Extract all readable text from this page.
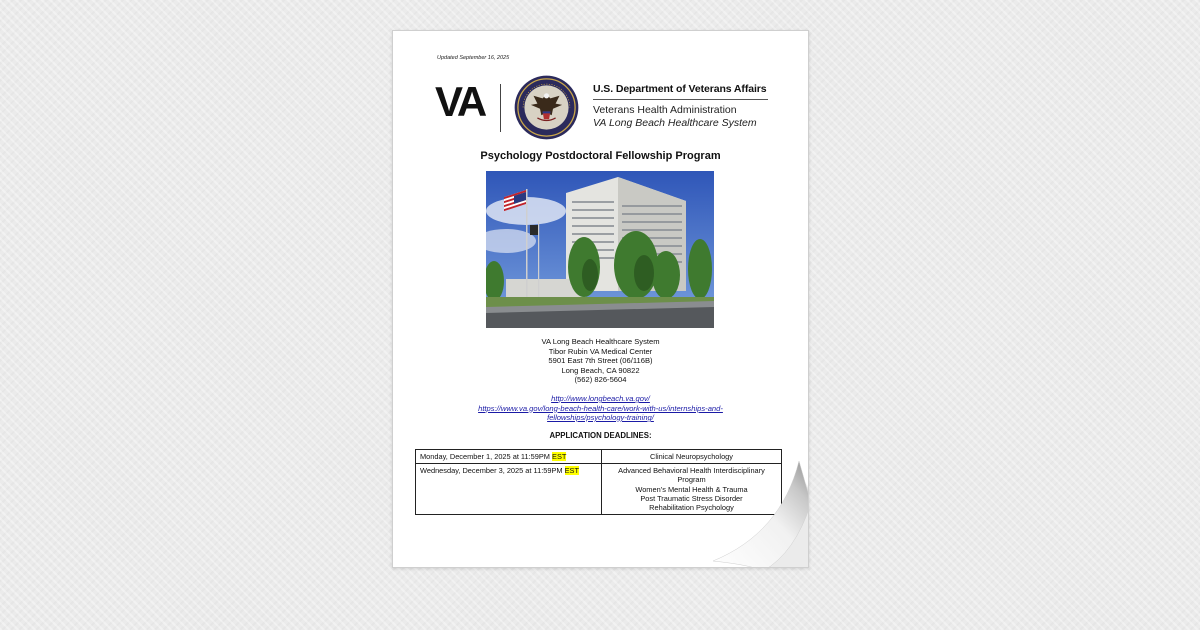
Updated September 16, 2025
VA	U.S. Department of Veterans Affairs
Veterans Health Administration
VA Long Beach Healthcare System
Psychology Postdoctoral Fellowship Program
VA Long Beach Healthcare System
Tibor Rubin VA Medical Center
5901 East 7th Street (06/116B)
Long Beach, CA 90822
(562) 826-5604
http://www.longbeach.va.gov/
https://www.va.gov/long-beach-health-care/work-with-us/internships-and-
fellowships/psychology-training/
APPLICATION DEADLINES:
Monday, December 1, 2025 at 11:59PM EST	Clinical Neuropsychology

Wednesday, December 3, 2025 at 11:59PM EST	Advanced Behavioral Health Interdisciplinary
Program
Women’s Mental Health & Trauma
Post Traumatic Stress Disorder
Rehabilitation Psychology
